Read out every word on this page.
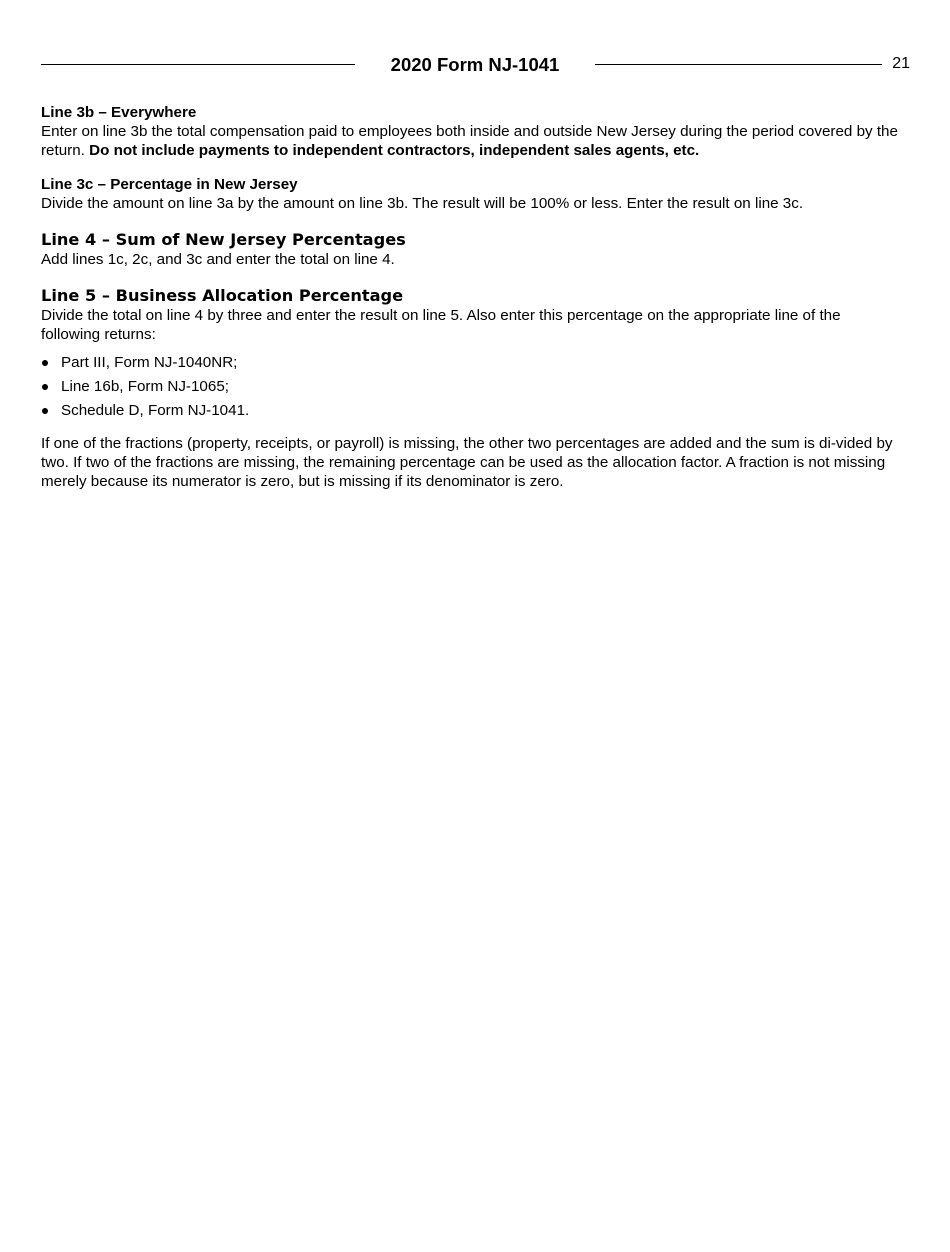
2020 Form NJ-1041	21
Line 3b – Everywhere

Enter on line 3b the total compensation paid to employees both inside and outside New Jersey during the period covered by the return. Do not include payments to independent contractors, independent sales agents, etc.

Line 3c – Percentage in New Jersey

Divide the amount on line 3a by the amount on line 3b. The result will be 100% or less. Enter the result on line 3c.

Line 4 – Sum of New Jersey Percentages

Add lines 1c, 2c, and 3c and enter the total on line 4.

Line 5 – Business Allocation Percentage

Divide the total on line 4 by three and enter the result on line 5. Also enter this percentage on the appropriate line of the following returns:

Part III, Form NJ-1040NR;
Line 16b, Form NJ-1065;
Schedule D, Form NJ-1041.

If one of the fractions (property, receipts, or payroll) is missing, the other two percentages are added and the sum is di-vided by two. If two of the fractions are missing, the remaining percentage can be used as the allocation factor. A fraction is not missing merely because its numerator is zero, but is missing if its denominator is zero.
